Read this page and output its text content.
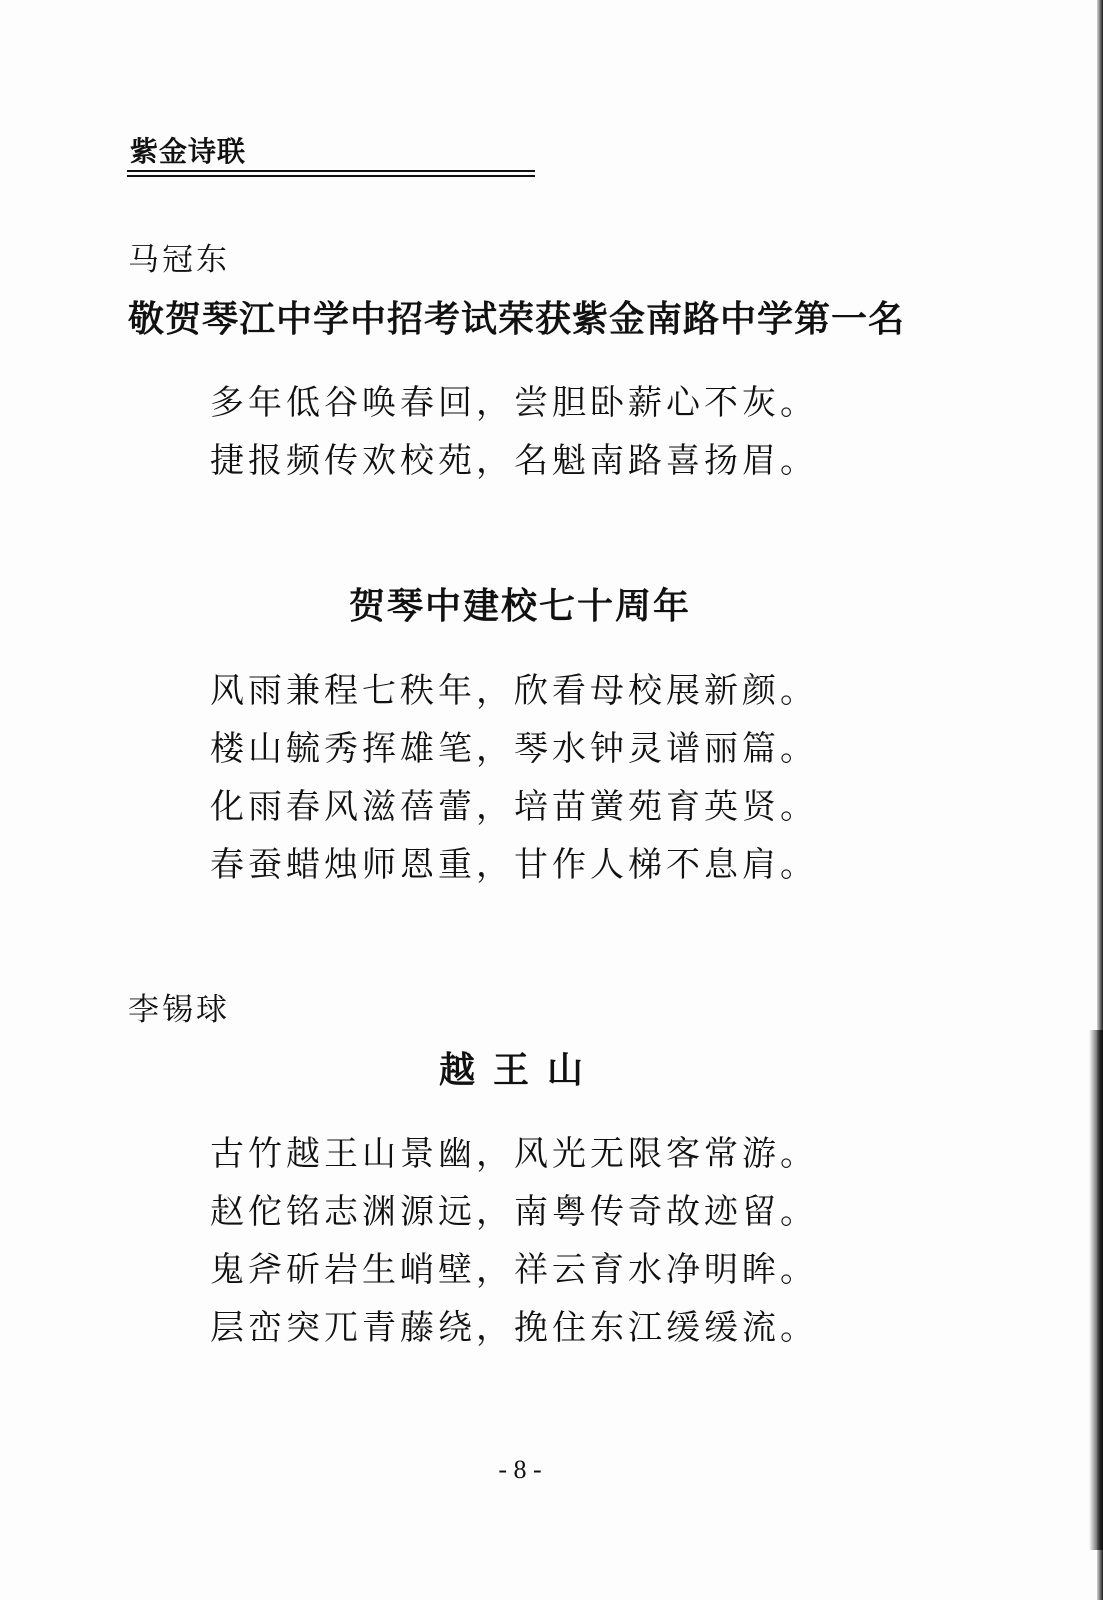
紫金诗联
马冠东
敬贺琴江中学中招考试荣获紫金南路中学第一名
多年低谷唤春回，尝胆卧薪心不灰。
捷报频传欢校苑，名魁南路喜扬眉。
贺琴中建校七十周年
风雨兼程七秩年，欣看母校展新颜。
楼山毓秀挥雄笔，琴水钟灵谱丽篇。
化雨春风滋蓓蕾，培苗黉苑育英贤。
春蚕蜡烛师恩重，甘作人梯不息肩。
李锡球
越王山
古竹越王山景幽，风光无限客常游。
赵佗铭志渊源远，南粤传奇故迹留。
鬼斧斫岩生峭壁，祥云育水净明眸。
层峦突兀青藤绕，挽住东江缓缓流。
- 8 -
